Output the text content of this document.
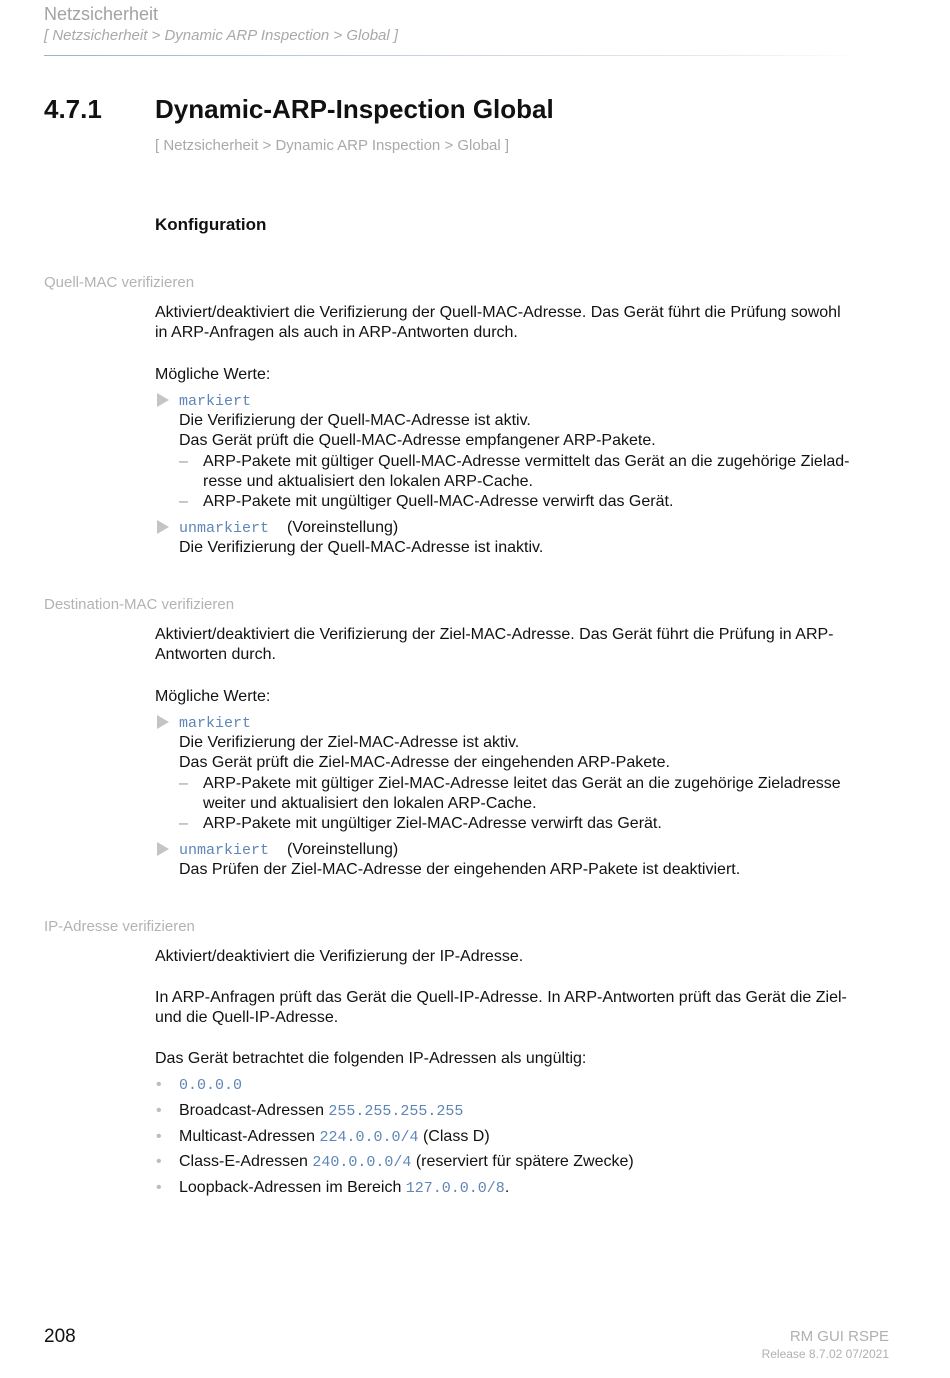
Netzsicherheit
[ Netzsicherheit > Dynamic ARP Inspection > Global ]
4.7.1 Dynamic-ARP-Inspection Global
[ Netzsicherheit > Dynamic ARP Inspection > Global ]
Konfiguration
Quell-MAC verifizieren
Aktiviert/deaktiviert die Verifizierung der Quell-MAC-Adresse. Das Gerät führt die Prüfung sowohl
in ARP-Anfragen als auch in ARP-Antworten durch.
Mögliche Werte:
markiert
Die Verifizierung der Quell-MAC-Adresse ist aktiv.
Das Gerät prüft die Quell-MAC-Adresse empfangener ARP-Pakete.
– ARP-Pakete mit gültiger Quell-MAC-Adresse vermittelt das Gerät an die zugehörige Zielad-
resse und aktualisiert den lokalen ARP-Cache.
– ARP-Pakete mit ungültiger Quell-MAC-Adresse verwirft das Gerät.
unmarkiert (Voreinstellung)
Die Verifizierung der Quell-MAC-Adresse ist inaktiv.
Destination-MAC verifizieren
Aktiviert/deaktiviert die Verifizierung der Ziel-MAC-Adresse. Das Gerät führt die Prüfung in ARP-
Antworten durch.
Mögliche Werte:
markiert
Die Verifizierung der Ziel-MAC-Adresse ist aktiv.
Das Gerät prüft die Ziel-MAC-Adresse der eingehenden ARP-Pakete.
– ARP-Pakete mit gültiger Ziel-MAC-Adresse leitet das Gerät an die zugehörige Zieladresse
weiter und aktualisiert den lokalen ARP-Cache.
– ARP-Pakete mit ungültiger Ziel-MAC-Adresse verwirft das Gerät.
unmarkiert (Voreinstellung)
Das Prüfen der Ziel-MAC-Adresse der eingehenden ARP-Pakete ist deaktiviert.
IP-Adresse verifizieren
Aktiviert/deaktiviert die Verifizierung der IP-Adresse.
In ARP-Anfragen prüft das Gerät die Quell-IP-Adresse. In ARP-Antworten prüft das Gerät die Ziel-
und die Quell-IP-Adresse.
Das Gerät betrachtet die folgenden IP-Adressen als ungültig:
• 0.0.0.0
• Broadcast-Adressen 255.255.255.255
• Multicast-Adressen 224.0.0.0/4 (Class D)
• Class-E-Adressen 240.0.0.0/4 (reserviert für spätere Zwecke)
• Loopback-Adressen im Bereich 127.0.0.0/8.
208	RM GUI RSPE
Release 8.7.02 07/2021
